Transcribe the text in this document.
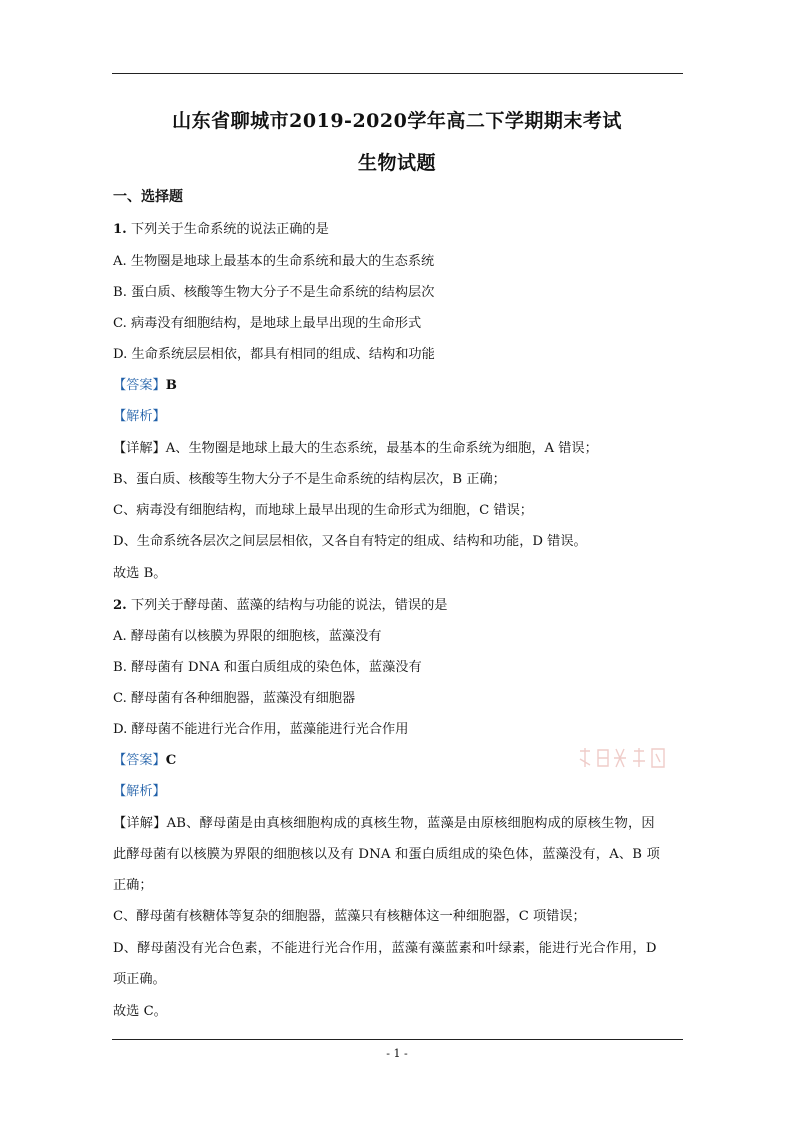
山东省聊城市2019-2020学年高二下学期期末考试
生物试题
一、选择题
1. 下列关于生命系统的说法正确的是
A. 生物圈是地球上最基本的生命系统和最大的生态系统
B. 蛋白质、核酸等生物大分子不是生命系统的结构层次
C. 病毒没有细胞结构，是地球上最早出现的生命形式
D. 生命系统层层相依，都具有相同的组成、结构和功能
【答案】B
【解析】
【详解】A、生物圈是地球上最大的生态系统，最基本的生命系统为细胞，A 错误；
B、蛋白质、核酸等生物大分子不是生命系统的结构层次，B 正确；
C、病毒没有细胞结构，而地球上最早出现的生命形式为细胞，C 错误；
D、生命系统各层次之间层层相依，又各自有特定的组成、结构和功能，D 错误。
故选 B。
2. 下列关于酵母菌、蓝藻的结构与功能的说法，错误的是
A. 酵母菌有以核膜为界限的细胞核，蓝藻没有
B. 酵母菌有 DNA 和蛋白质组成的染色体，蓝藻没有
C. 酵母菌有各种细胞器，蓝藻没有细胞器
D. 酵母菌不能进行光合作用，蓝藻能进行光合作用
【答案】C
【解析】
【详解】AB、酵母菌是由真核细胞构成的真核生物，蓝藻是由原核细胞构成的原核生物，因
此酵母菌有以核膜为界限的细胞核以及有 DNA 和蛋白质组成的染色体，蓝藻没有，A、B 项
正确；
C、酵母菌有核糖体等复杂的细胞器，蓝藻只有核糖体这一种细胞器，C 项错误；
D、酵母菌没有光合色素，不能进行光合作用，蓝藻有藻蓝素和叶绿素，能进行光合作用，D
项正确。
故选 C。
- 1 -
